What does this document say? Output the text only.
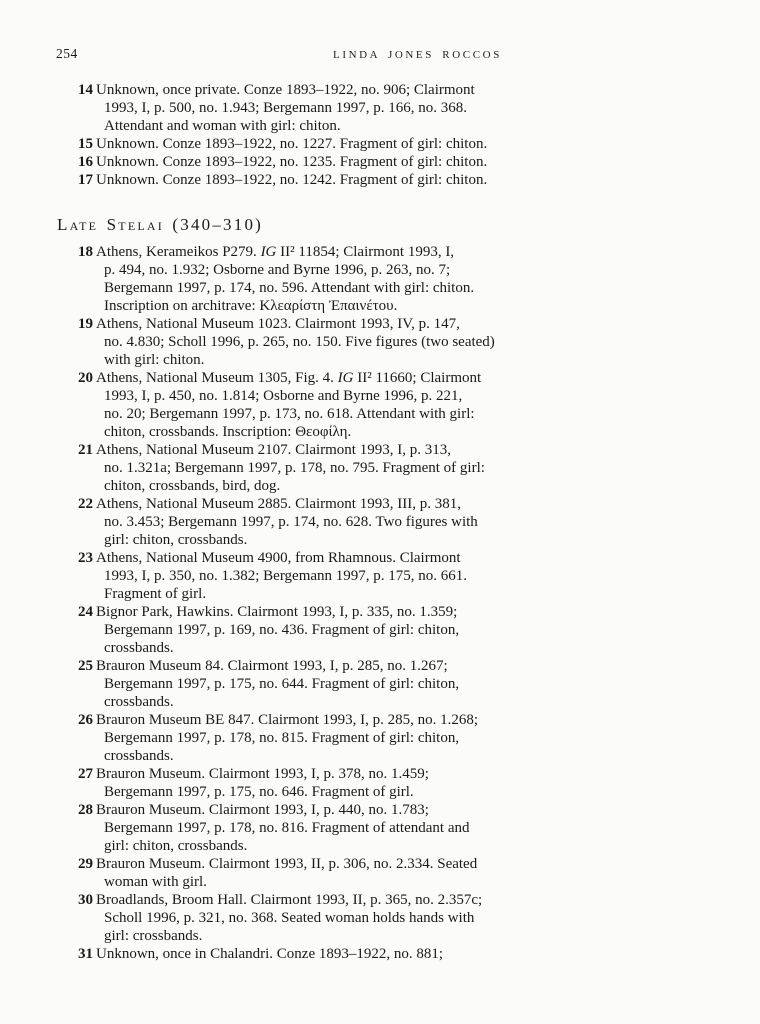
254	LINDA JONES ROCCOS
14 Unknown, once private. Conze 1893–1922, no. 906; Clairmont
1993, I, p. 500, no. 1.943; Bergemann 1997, p. 166, no. 368.
Attendant and woman with girl: chiton.
15 Unknown. Conze 1893–1922, no. 1227. Fragment of girl: chiton.
16 Unknown. Conze 1893–1922, no. 1235. Fragment of girl: chiton.
17 Unknown. Conze 1893–1922, no. 1242. Fragment of girl: chiton.
Late Stelai (340–310)
18 Athens, Kerameikos P279. IG II² 11854; Clairmont 1993, I,
p. 494, no. 1.932; Osborne and Byrne 1996, p. 263, no. 7;
Bergemann 1997, p. 174, no. 596. Attendant with girl: chiton.
Inscription on architrave: Κλεαρίστη Ἐπαινέτου.
19 Athens, National Museum 1023. Clairmont 1993, IV, p. 147,
no. 4.830; Scholl 1996, p. 265, no. 150. Five figures (two seated)
with girl: chiton.
20 Athens, National Museum 1305, Fig. 4. IG II² 11660; Clairmont
1993, I, p. 450, no. 1.814; Osborne and Byrne 1996, p. 221,
no. 20; Bergemann 1997, p. 173, no. 618. Attendant with girl:
chiton, crossbands. Inscription: Θεοφίλη.
21 Athens, National Museum 2107. Clairmont 1993, I, p. 313,
no. 1.321a; Bergemann 1997, p. 178, no. 795. Fragment of girl:
chiton, crossbands, bird, dog.
22 Athens, National Museum 2885. Clairmont 1993, III, p. 381,
no. 3.453; Bergemann 1997, p. 174, no. 628. Two figures with
girl: chiton, crossbands.
23 Athens, National Museum 4900, from Rhamnous. Clairmont
1993, I, p. 350, no. 1.382; Bergemann 1997, p. 175, no. 661.
Fragment of girl.
24 Bignor Park, Hawkins. Clairmont 1993, I, p. 335, no. 1.359;
Bergemann 1997, p. 169, no. 436. Fragment of girl: chiton,
crossbands.
25 Brauron Museum 84. Clairmont 1993, I, p. 285, no. 1.267;
Bergemann 1997, p. 175, no. 644. Fragment of girl: chiton,
crossbands.
26 Brauron Museum BE 847. Clairmont 1993, I, p. 285, no. 1.268;
Bergemann 1997, p. 178, no. 815. Fragment of girl: chiton,
crossbands.
27 Brauron Museum. Clairmont 1993, I, p. 378, no. 1.459;
Bergemann 1997, p. 175, no. 646. Fragment of girl.
28 Brauron Museum. Clairmont 1993, I, p. 440, no. 1.783;
Bergemann 1997, p. 178, no. 816. Fragment of attendant and
girl: chiton, crossbands.
29 Brauron Museum. Clairmont 1993, II, p. 306, no. 2.334. Seated
woman with girl.
30 Broadlands, Broom Hall. Clairmont 1993, II, p. 365, no. 2.357c;
Scholl 1996, p. 321, no. 368. Seated woman holds hands with
girl: crossbands.
31 Unknown, once in Chalandri. Conze 1893–1922, no. 881;
